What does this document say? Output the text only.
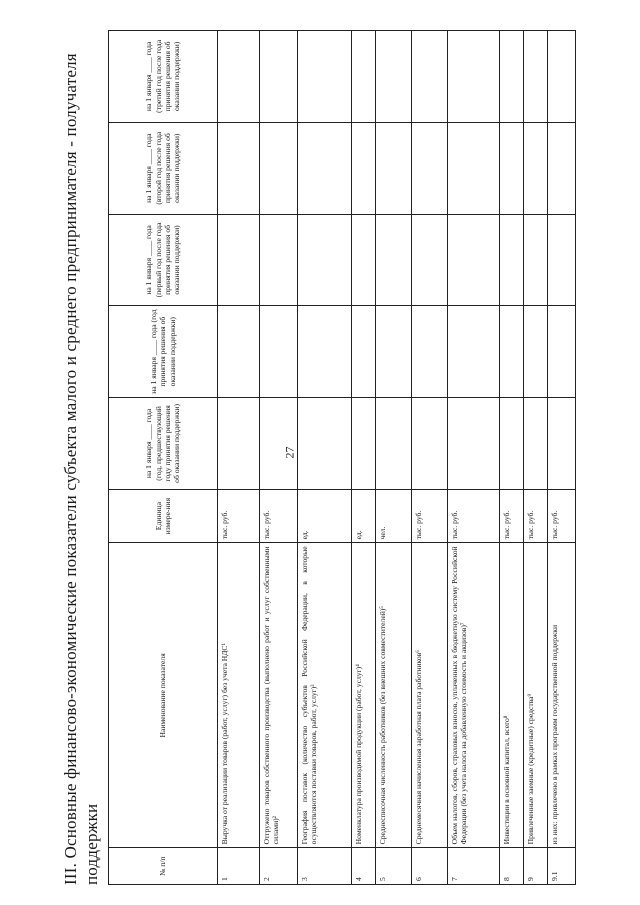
27
III. Основные финансово-экономические показатели субъекта малого и среднего предпринимателя - получателя поддержки	№ п/п	Наименование показателя	Единица измере-ния	на 1 января ____ года (год, предшествующий году принятия решения об оказании поддержки)	на 1 января ____ года (год принятия решения об оказании поддержки)	на 1 января ____ года (первый год после года принятия решения об оказании поддержки)	на 1 января ____ года (второй год после года принятия решения об оказании поддержки)	на 1 января ____ года (третий год после года принятия решения об оказании поддержки)
1	Выручка от реализации товаров (работ, услуг) без учета НДС¹	тыс. руб.					
2	Отгружено товаров собственного производства (выполнено работ и услуг собственными силами)²	тыс. руб.					
3	География поставок (количество субъектов Российской Федерации, в которые осуществляются поставки товаров, работ, услуг)³	ед.					
4	Номенклатура производимой продукции (работ, услуг)⁴	ед.					
5	Среднесписочная численность работников (без внешних совместителей)⁵	чел.					
6	Среднемесячная начисленная заработная плата работников⁶	тыс. руб.					
7	Объем налогов, сборов, страховых взносов, уплаченных в бюджетную систему Российской Федерации (без учета налога на добавленную стоимость и акцизов)⁷	тыс. руб.					
8	Инвестиции в основной капитал, всего⁸	тыс. руб.					
9	Привлеченные заемные (кредитные) средства⁹	тыс. руб.					
9.1	из них: привлечено в рамках программ государственной поддержки	тыс. руб.					
